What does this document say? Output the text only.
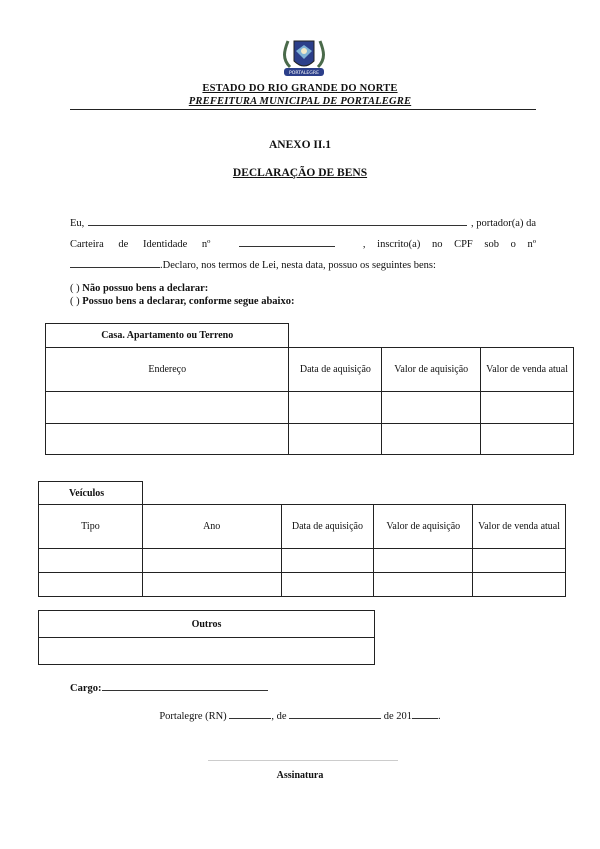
PORTALEGRE
ESTADO DO RIO GRANDE DO NORTE
PREFEITURA MUNICIPAL DE PORTALEGRE
ANEXO II.1
DECLARAÇÃO DE BENS
Eu,	, portador(a) da
Carteira de Identidade nº	, inscrito(a) no CPF sob o nº
.Declaro, nos termos de Lei, nesta data, possuo os seguintes bens:
( ) Não possuo bens a declarar:
( ) Possuo bens a declarar, conforme segue abaixo:
Casa. Apartamento ou Terreno			
Endereço	Data de aquisição	Valor de aquisição	Valor de venda atual

Veículos				
Tipo	Ano	Data de aquisição	Valor de aquisição	Valor de venda atual

Outros

Cargo:
Portalegre (RN)	, de	de 201 .
Assinatura
